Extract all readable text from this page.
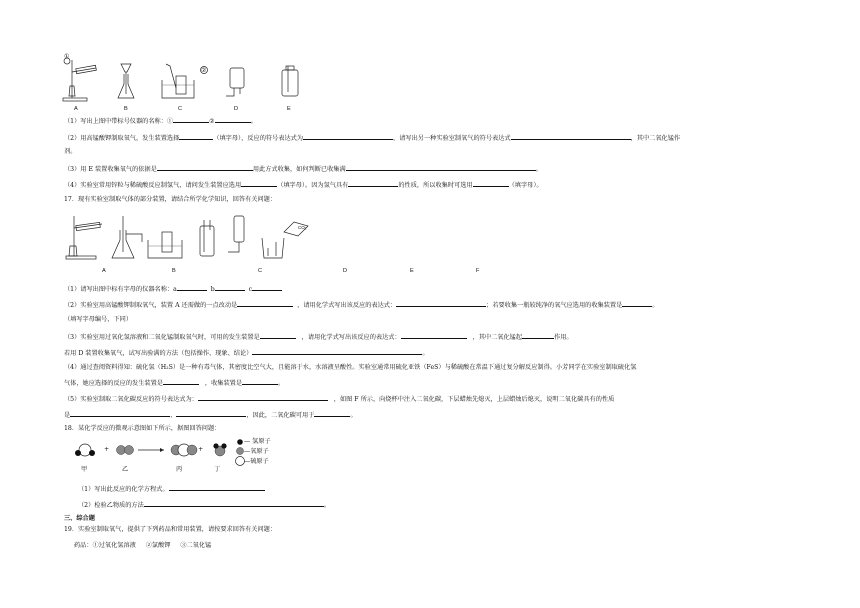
①
②
A	B	C	D	E
（1）写出上图中带标号仪器的名称：①	②	。
（2）用高锰酸钾制取氧气，发生装置选择	（填字母），反应的符号表达式为	，请写出另一种实验室制氧气的符号表达式	，其中二氧化锰作
剂。
（3）用 E 装置收集氧气的依据是	用此方式收集，如何判断已收集满	。
（4）实验室常用锌粒与稀硫酸反应制氢气，请问发生装置应选用	（填字母）。因为氢气具有	的性质，所以收集时可选用	（填字母）。
17．现有实验室制取气体的部分装置，请结合所学化学知识，回答有关问题：
CO₂
A	B	C	D	E	F
（1）请写出图中标有字母的仪器名称：a	b	c
（2）实验室用高锰酸钾制取氧气，装置 A 还需做的一点改动是	，请用化学式写出该反应的表达式：	；若要收集一瓶较纯净的氧气应选用的收集装置是	。
（填写字母编号，下同）
（3）实验室用过氧化氢溶液和二氧化锰制取氧气时，可用的发生装置是	，请用化学式写出该反应的表达式：	，其中二氧化锰起	作用。
若用 D 装置收集氧气，试写出验满的方法（包括操作、现象、结论）	。
（4）通过查阅资料得知：硫化氢（H₂S）是一种有毒气体，其密度比空气大，且能溶于水，水溶液呈酸性。实验室通常用硫化亚铁（FeS）与稀硫酸在常温下通过复分解反应制得。小芳同学在实验室制取硫化氢
气体，她应选择的反应的发生装置是	，收集装置是	。
（5）实验室制取二氧化碳反应的符号表达式为：	，如图 F 所示，向烧杯中注入二氧化碳，下层蜡烛先熄灭，上层蜡烛后熄灭，说明二氧化碳具有的性质
是	、	，因此，二氧化碳可用于	。
18．某化学反应的微观示意图如下所示，据图回答问题：
+	+
— 氢原子
—氧原子
—硫原子
甲	乙	丙	丁
（1）写出此反应的化学方程式。
（2）检验乙物质的方法	。
三、综合题
19．实验室制取氧气，提供了下列药品和常用装置，请按要求回答有关问题：
药品：①过氧化氢溶液 ②氯酸钾 ③二氧化锰
